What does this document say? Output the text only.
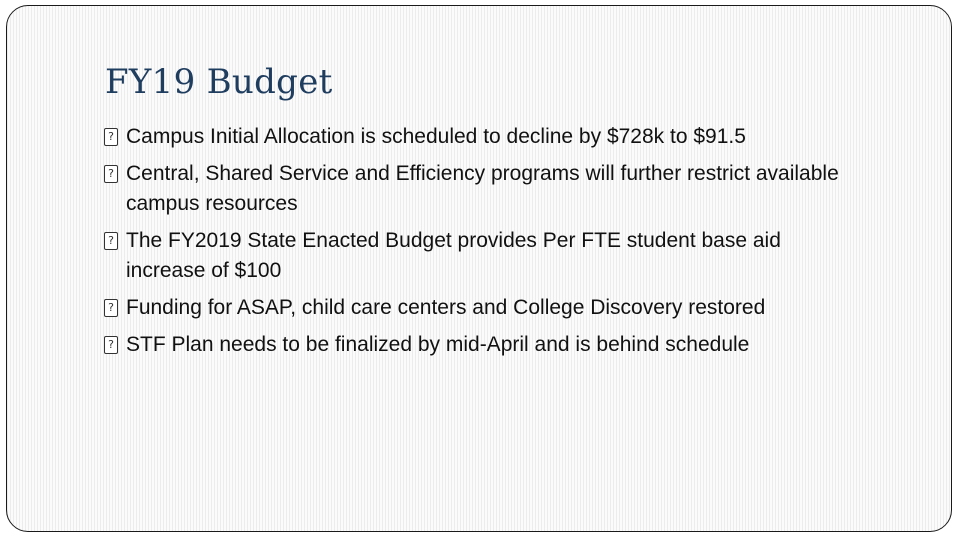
FY19 Budget
? Campus Initial Allocation is scheduled to decline by $728k to $91.5
? Central, Shared Service and Efficiency programs will further restrict available campus resources
? The FY2019 State Enacted Budget provides Per FTE student base aid increase of $100
? Funding for ASAP, child care centers and College Discovery restored
? STF Plan needs to be finalized by mid-April and is behind schedule
